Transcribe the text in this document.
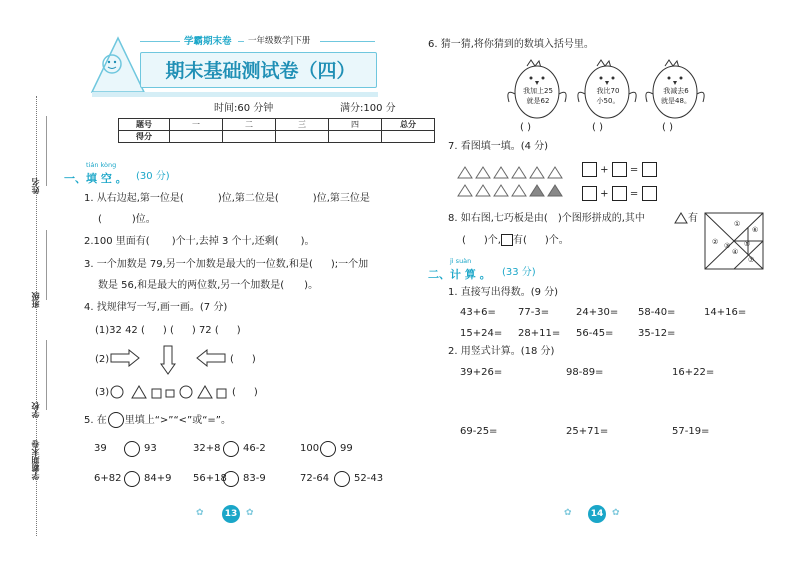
姓名
班级
学校
学霸期末卷
学霸期末卷 一年级数学|下册
期末基础测试卷（四）
时间:60 分钟	满分:100 分
题号	一	二	三	四	总分
得分					
tián kòng
一、填 空 。 (30 分)
1. 从右边起,第一位是(	)位,第二位是(	)位,第三位是
(	)位。
2.100 里面有( )个十,去掉 3 个十,还剩( )。
3. 一个加数是 79,另一个加数是最大的一位数,和是( );一个加
数是 56,和是最大的两位数,另一个加数是( )。
4. 找规律写一写,画一画。(7 分)
(1)32 42 ( ) ( ) 72 ( )
(2)	( )
(3)	( )
5. 在 里填上“>”“<”或“=”。
39	93	32+8 46-2	100 99
6+82 84+9 56+18 83-9	72-64 52-43
✿	13 ✿
6. 猜一猜,将你猜到的数填入括号里。
我加上25
就是62
我比70
小50。
我减去6
就是48。
( )	( )	( )
7. 看图填一填。(4 分)
+  =
+  =
8. 如右图,七巧板是由( )个图形拼成的,其中	有
( )个, 有( )个。
①
② ③
④
⑤
⑥
⑦
jì suàn
二、计 算 。 (33 分)
1. 直接写出得数。(9 分)
43+6= 77-3=	24+30= 58-40=	14+16=
15+24= 28+11= 56-45= 35-12=
2. 用竖式计算。(18 分)
39+26=	98-89=	16+22=
69-25=	25+71=	57-19=
✿	14 ✿
